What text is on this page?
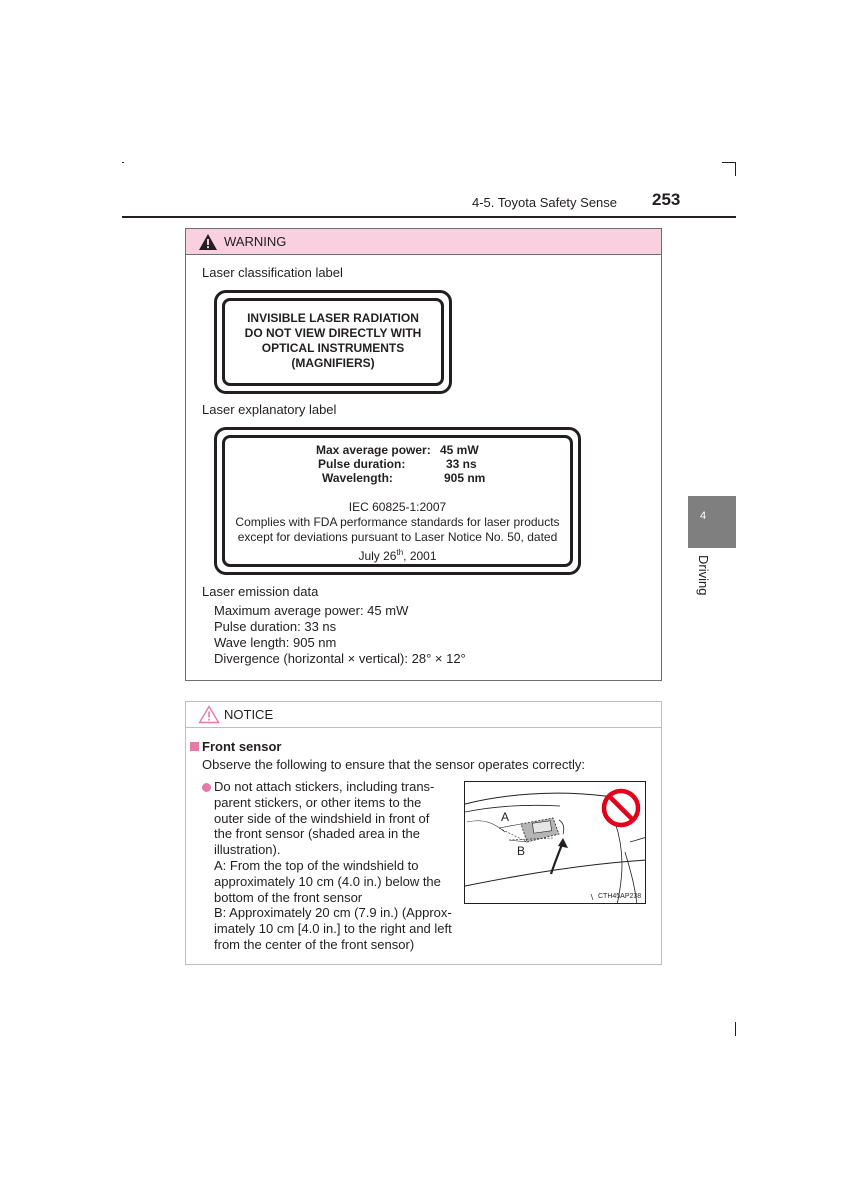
4-5. Toyota Safety Sense 253
4
Driving
WARNING
Laser classification label
INVISIBLE LASER RADIATION
DO NOT VIEW DIRECTLY WITH
OPTICAL INSTRUMENTS
(MAGNIFIERS)
Laser explanatory label
Max average power: 45 mW
Pulse duration:	33 ns
Wavelength:	905 nm
IEC 60825-1:2007
Complies with FDA performance standards for laser products
except for deviations pursuant to Laser Notice No. 50, dated
July 26th, 2001
Laser emission data
Maximum average power: 45 mW
Pulse duration: 33 ns
Wave length: 905 nm
Divergence (horizontal × vertical): 28° × 12°
NOTICE
Front sensor
Observe the following to ensure that the sensor operates correctly:
Do not attach stickers, including trans-
parent stickers, or other items to the
outer side of the windshield in front of
the front sensor (shaded area in the
illustration).
A: From the top of the windshield to
approximately 10 cm (4.0 in.) below the
bottom of the front sensor
B: Approximately 20 cm (7.9 in.) (Approx-
imately 10 cm [4.0 in.] to the right and left
from the center of the front sensor)
A
B
CTH45AP238
